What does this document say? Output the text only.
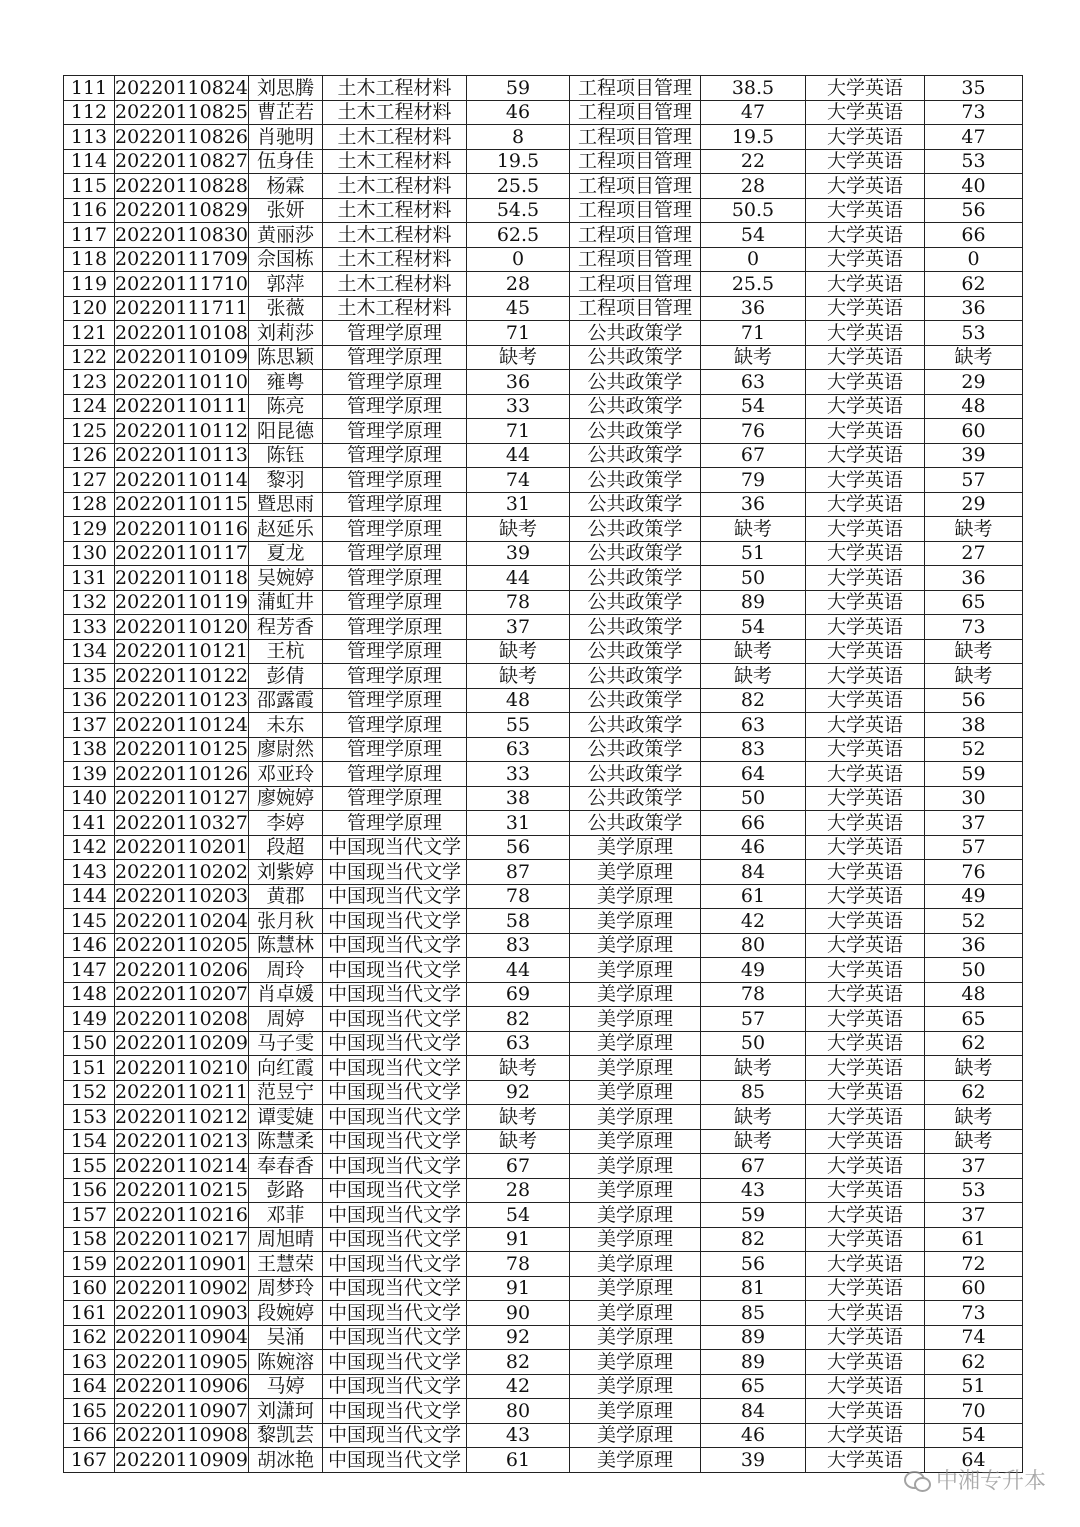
111	20220110824	刘思腾	土木工程材料	59	工程项目管理	38.5	大学英语	35
112	20220110825	曹芷若	土木工程材料	46	工程项目管理	47	大学英语	73
113	20220110826	肖驰明	土木工程材料	8	工程项目管理	19.5	大学英语	47
114	20220110827	伍身佳	土木工程材料	19.5	工程项目管理	22	大学英语	53
115	20220110828	杨霖	土木工程材料	25.5	工程项目管理	28	大学英语	40
116	20220110829	张妍	土木工程材料	54.5	工程项目管理	50.5	大学英语	56
117	20220110830	黄丽莎	土木工程材料	62.5	工程项目管理	54	大学英语	66
118	20220111709	佘国栋	土木工程材料	0	工程项目管理	0	大学英语	0
119	20220111710	郭萍	土木工程材料	28	工程项目管理	25.5	大学英语	62
120	20220111711	张薇	土木工程材料	45	工程项目管理	36	大学英语	36
121	20220110108	刘莉莎	管理学原理	71	公共政策学	71	大学英语	53
122	20220110109	陈思颖	管理学原理	缺考	公共政策学	缺考	大学英语	缺考
123	20220110110	雍粤	管理学原理	36	公共政策学	63	大学英语	29
124	20220110111	陈亮	管理学原理	33	公共政策学	54	大学英语	48
125	20220110112	阳昆德	管理学原理	71	公共政策学	76	大学英语	60
126	20220110113	陈钰	管理学原理	44	公共政策学	67	大学英语	39
127	20220110114	黎羽	管理学原理	74	公共政策学	79	大学英语	57
128	20220110115	暨思雨	管理学原理	31	公共政策学	36	大学英语	29
129	20220110116	赵延乐	管理学原理	缺考	公共政策学	缺考	大学英语	缺考
130	20220110117	夏龙	管理学原理	39	公共政策学	51	大学英语	27
131	20220110118	吴婉婷	管理学原理	44	公共政策学	50	大学英语	36
132	20220110119	蒲虹井	管理学原理	78	公共政策学	89	大学英语	65
133	20220110120	程芳香	管理学原理	37	公共政策学	54	大学英语	73
134	20220110121	王杭	管理学原理	缺考	公共政策学	缺考	大学英语	缺考
135	20220110122	彭倩	管理学原理	缺考	公共政策学	缺考	大学英语	缺考
136	20220110123	邵露霞	管理学原理	48	公共政策学	82	大学英语	56
137	20220110124	未东	管理学原理	55	公共政策学	63	大学英语	38
138	20220110125	廖尉然	管理学原理	63	公共政策学	83	大学英语	52
139	20220110126	邓亚玲	管理学原理	33	公共政策学	64	大学英语	59
140	20220110127	廖婉婷	管理学原理	38	公共政策学	50	大学英语	30
141	20220110327	李婷	管理学原理	31	公共政策学	66	大学英语	37
142	20220110201	段超	中国现当代文学	56	美学原理	46	大学英语	57
143	20220110202	刘紫婷	中国现当代文学	87	美学原理	84	大学英语	76
144	20220110203	黄郡	中国现当代文学	78	美学原理	61	大学英语	49
145	20220110204	张月秋	中国现当代文学	58	美学原理	42	大学英语	52
146	20220110205	陈慧林	中国现当代文学	83	美学原理	80	大学英语	36
147	20220110206	周玲	中国现当代文学	44	美学原理	49	大学英语	50
148	20220110207	肖卓媛	中国现当代文学	69	美学原理	78	大学英语	48
149	20220110208	周婷	中国现当代文学	82	美学原理	57	大学英语	65
150	20220110209	马子雯	中国现当代文学	63	美学原理	50	大学英语	62
151	20220110210	向红霞	中国现当代文学	缺考	美学原理	缺考	大学英语	缺考
152	20220110211	范昱宁	中国现当代文学	92	美学原理	85	大学英语	62
153	20220110212	谭雯婕	中国现当代文学	缺考	美学原理	缺考	大学英语	缺考
154	20220110213	陈慧柔	中国现当代文学	缺考	美学原理	缺考	大学英语	缺考
155	20220110214	奉春香	中国现当代文学	67	美学原理	67	大学英语	37
156	20220110215	彭路	中国现当代文学	28	美学原理	43	大学英语	53
157	20220110216	邓菲	中国现当代文学	54	美学原理	59	大学英语	37
158	20220110217	周旭晴	中国现当代文学	91	美学原理	82	大学英语	61
159	20220110901	王慧荣	中国现当代文学	78	美学原理	56	大学英语	72
160	20220110902	周梦玲	中国现当代文学	91	美学原理	81	大学英语	60
161	20220110903	段婉婷	中国现当代文学	90	美学原理	85	大学英语	73
162	20220110904	吴涌	中国现当代文学	92	美学原理	89	大学英语	74
163	20220110905	陈婉溶	中国现当代文学	82	美学原理	89	大学英语	62
164	20220110906	马婷	中国现当代文学	42	美学原理	65	大学英语	51
165	20220110907	刘潇珂	中国现当代文学	80	美学原理	84	大学英语	70
166	20220110908	黎凯芸	中国现当代文学	43	美学原理	46	大学英语	54
167	20220110909	胡冰艳	中国现当代文学	61	美学原理	39	大学英语	64
中湘专升本
